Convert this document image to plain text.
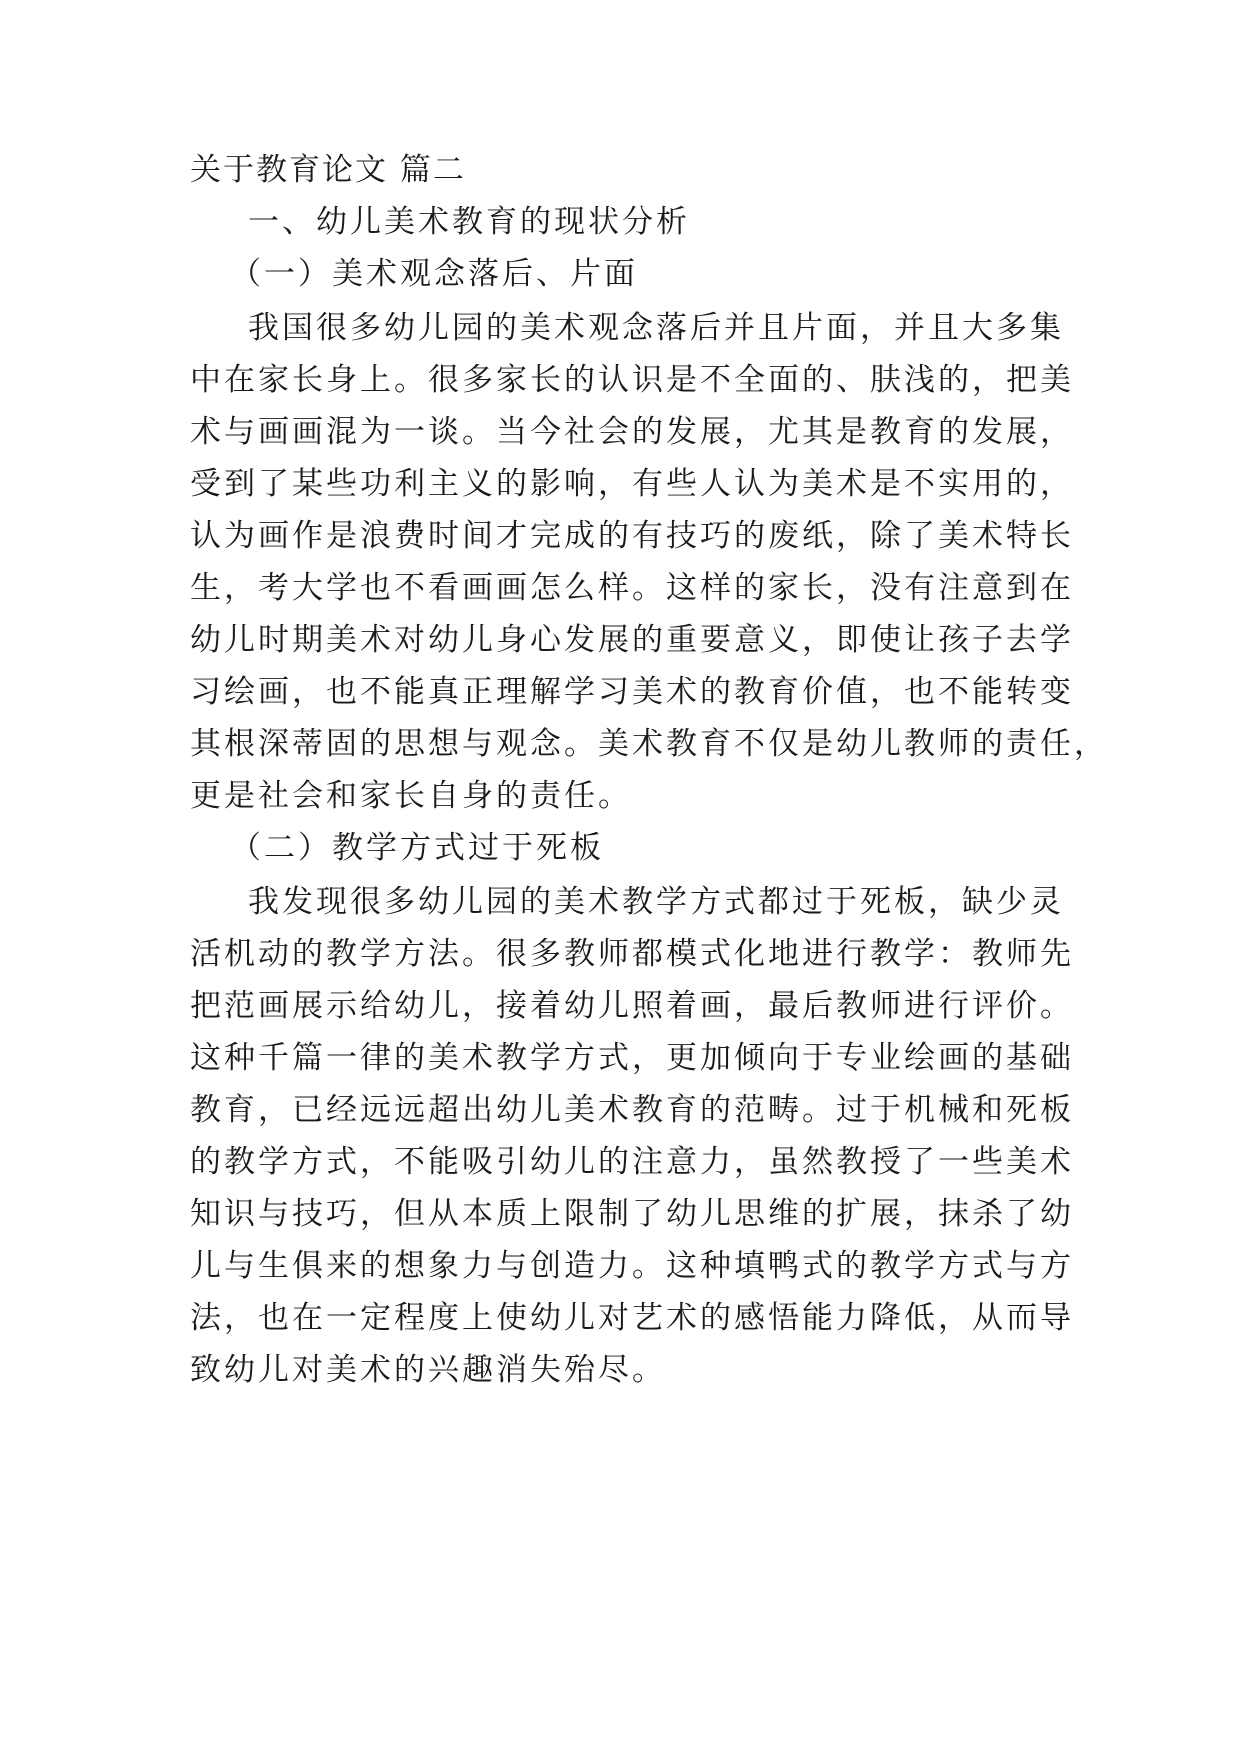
关于教育论文 篇二
一、幼儿美术教育的现状分析
（一）美术观念落后、片面
我国很多幼儿园的美术观念落后并且片面，并且大多集
中在家长身上。很多家长的认识是不全面的、肤浅的，把美
术与画画混为一谈。当今社会的发展，尤其是教育的发展，
受到了某些功利主义的影响，有些人认为美术是不实用的，
认为画作是浪费时间才完成的有技巧的废纸，除了美术特长
生，考大学也不看画画怎么样。这样的家长，没有注意到在
幼儿时期美术对幼儿身心发展的重要意义，即使让孩子去学
习绘画，也不能真正理解学习美术的教育价值，也不能转变
其根深蒂固的思想与观念。美术教育不仅是幼儿教师的责任，
更是社会和家长自身的责任。
（二）教学方式过于死板
我发现很多幼儿园的美术教学方式都过于死板，缺少灵
活机动的教学方法。很多教师都模式化地进行教学：教师先
把范画展示给幼儿，接着幼儿照着画，最后教师进行评价。
这种千篇一律的美术教学方式，更加倾向于专业绘画的基础
教育，已经远远超出幼儿美术教育的范畴。过于机械和死板
的教学方式，不能吸引幼儿的注意力，虽然教授了一些美术
知识与技巧，但从本质上限制了幼儿思维的扩展，抹杀了幼
儿与生俱来的想象力与创造力。这种填鸭式的教学方式与方
法，也在一定程度上使幼儿对艺术的感悟能力降低，从而导
致幼儿对美术的兴趣消失殆尽。
